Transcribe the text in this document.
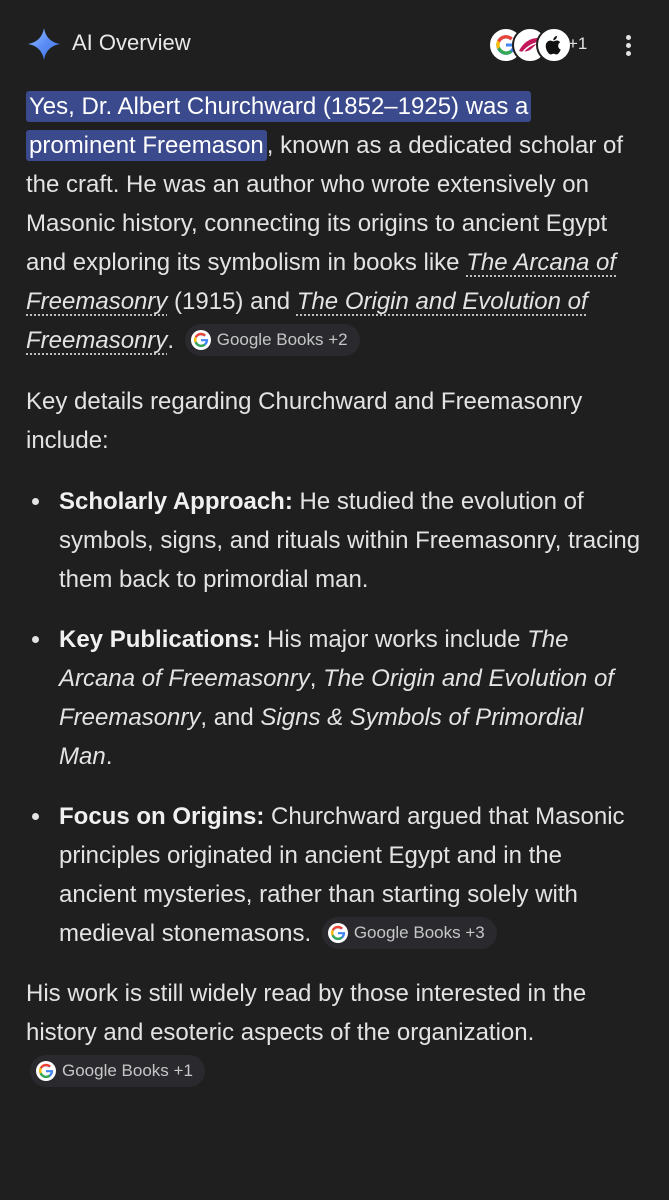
AI Overview	+1

Yes, Dr. Albert Churchward (1852–1925) was a prominent Freemason , known as a dedicated scholar of the craft. He was an author who wrote extensively on Masonic history, connecting its origins to ancient Egypt and exploring its symbolism in books like The Arcana of Freemasonry (1915) and The Origin and Evolution of Freemasonry.	Google Books +2

Key details regarding Churchward and Freemasonry include:

Scholarly Approach: He studied the evolution of symbols, signs, and rituals within Freemasonry, tracing them back to primordial man.
Key Publications: His major works include The Arcana of Freemasonry, The Origin and Evolution of Freemasonry, and Signs & Symbols of Primordial Man.
Focus on Origins: Churchward argued that Masonic principles originated in ancient Egypt and in the ancient mysteries, rather than starting solely with medieval stonemasons.	Google Books +3

His work is still widely read by those interested in the history and esoteric aspects of the organization.
Google Books +1
